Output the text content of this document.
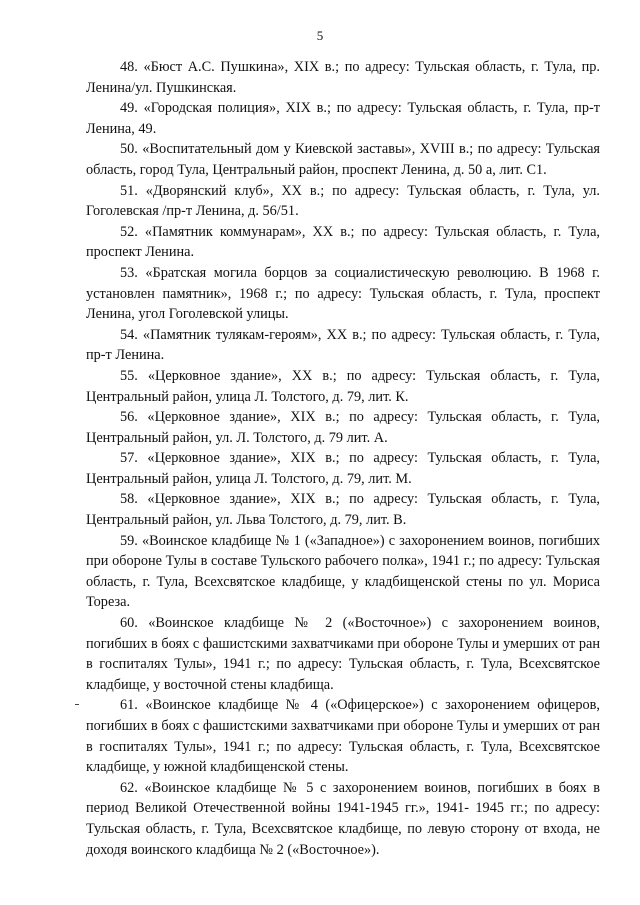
5

48. «Бюст А.С. Пушкина», XIX в.; по адресу: Тульская область, г. Тула, пр. Ленина/ул. Пушкинская.

49. «Городская полиция», XIX в.; по адресу: Тульская область, г. Тула, пр-т Ленина, 49.

50. «Воспитательный дом у Киевской заставы», XVIII в.; по адресу: Тульская область, город Тула, Центральный район, проспект Ленина, д. 50 а, лит. С1.

51. «Дворянский клуб», XX в.; по адресу: Тульская область, г. Тула, ул. Гоголевская /пр-т Ленина, д. 56/51.

52. «Памятник коммунарам», XX в.; по адресу: Тульская область, г. Тула, проспект Ленина.

53. «Братская могила борцов за социалистическую революцию. В 1968 г. установлен памятник», 1968 г.; по адресу: Тульская область, г. Тула, проспект Ленина, угол Гоголевской улицы.

54. «Памятник тулякам-героям», XX в.; по адресу: Тульская область, г. Тула, пр-т Ленина.

55. «Церковное здание», XX в.; по адресу: Тульская область, г. Тула, Центральный район, улица Л. Толстого, д. 79, лит. К.

56. «Церковное здание», XIX в.; по адресу: Тульская область, г. Тула, Центральный район, ул. Л. Толстого, д. 79 лит. А.

57. «Церковное здание», XIX в.; по адресу: Тульская область, г. Тула, Центральный район, улица Л. Толстого, д. 79, лит. М.

58. «Церковное здание», XIX в.; по адресу: Тульская область, г. Тула, Центральный район, ул. Льва Толстого, д. 79, лит. В.

59. «Воинское кладбище № 1 («Западное») с захоронением воинов, погибших при обороне Тулы в составе Тульского рабочего полка», 1941 г.; по адресу: Тульская область, г. Тула, Всехсвятское кладбище, у кладбищенской стены по ул. Мориса Тореза.

60. «Воинское кладбище № 2 («Восточное») с захоронением воинов, погибших в боях с фашистскими захватчиками при обороне Тулы и умерших от ран в госпиталях Тулы», 1941 г.; по адресу: Тульская область, г. Тула, Всехсвятское кладбище, у восточной стены кладбища.

61. «Воинское кладбище № 4 («Офицерское») с захоронением офицеров, погибших в боях с фашистскими захватчиками при обороне Тулы и умерших от ран в госпиталях Тулы», 1941 г.; по адресу: Тульская область, г. Тула, Всехсвятское кладбище, у южной кладбищенской стены.

62. «Воинское кладбище № 5 с захоронением воинов, погибших в боях в период Великой Отечественной войны 1941-1945 гг.», 1941- 1945 гг.; по адресу: Тульская область, г. Тула, Всехсвятское кладбище, по левую сторону от входа, не доходя воинского кладбища № 2 («Восточное»).
